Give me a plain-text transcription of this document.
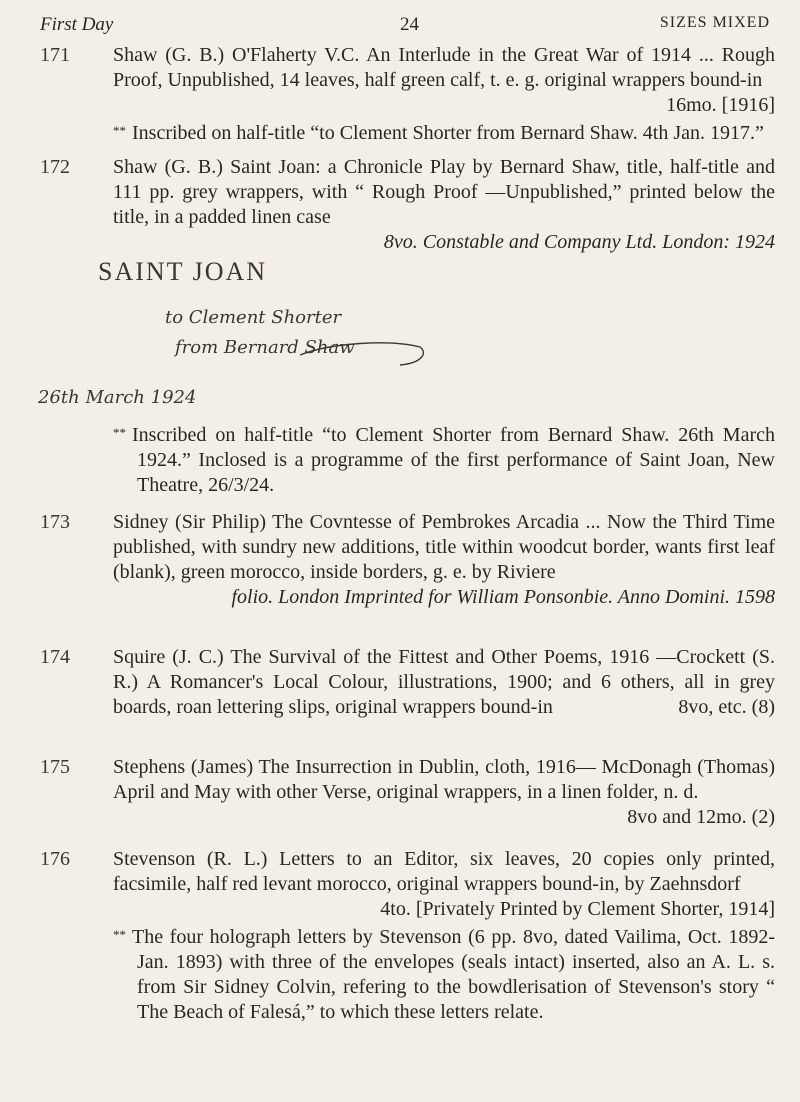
First Day	24	SIZES MIXED
171	Shaw (G. B.) O'Flaherty V.C. An Interlude in the Great War of 1914 ... Rough Proof, Unpublished, 14 leaves, half green calf, t. e. g. original wrappers bound-in
16mo. [1916]

** Inscribed on half-title “to Clement Shorter from Bernard Shaw. 4th Jan. 1917.”

172	Shaw (G. B.) Saint Joan: a Chronicle Play by Bernard Shaw, title, half-title and 111 pp. grey wrappers, with “ Rough Proof —Unpublished,” printed below the title, in a padded linen case

8vo. Constable and Company Ltd. London: 1924

SAINT JOAN
to Clement Shorter
from Bernard Shaw
26th March 1924

** Inscribed on half-title “to Clement Shorter from Bernard Shaw. 26th March 1924.” Inclosed is a programme of the first performance of Saint Joan, New Theatre, 26/3/24.

173	Sidney (Sir Philip) The Covntesse of Pembrokes Arcadia ... Now the Third Time published, with sundry new additions, title within woodcut border, wants first leaf (blank), green morocco, inside borders, g. e. by Riviere

folio. London Imprinted for William Ponsonbie. Anno Domini. 1598

174	Squire (J. C.) The Survival of the Fittest and Other Poems, 1916 —Crockett (S. R.) A Romancer's Local Colour, illustrations, 1900; and 6 others, all in grey boards, roan lettering slips, original wrappers bound-in	8vo, etc. (8)

175	Stephens (James) The Insurrection in Dublin, cloth, 1916— McDonagh (Thomas) April and May with other Verse, original wrappers, in a linen folder, n. d.
8vo and 12mo. (2)

176	Stevenson (R. L.) Letters to an Editor, six leaves, 20 copies only printed, facsimile, half red levant morocco, original wrappers bound-in, by Zaehnsdorf

4to. [Privately Printed by Clement Shorter, 1914]

** The four holograph letters by Stevenson (6 pp. 8vo, dated Vailima, Oct. 1892-Jan. 1893) with three of the envelopes (seals intact) inserted, also an A. L. s. from Sir Sidney Colvin, refering to the bowdlerisation of Stevenson's story “ The Beach of Falesá,” to which these letters relate.
